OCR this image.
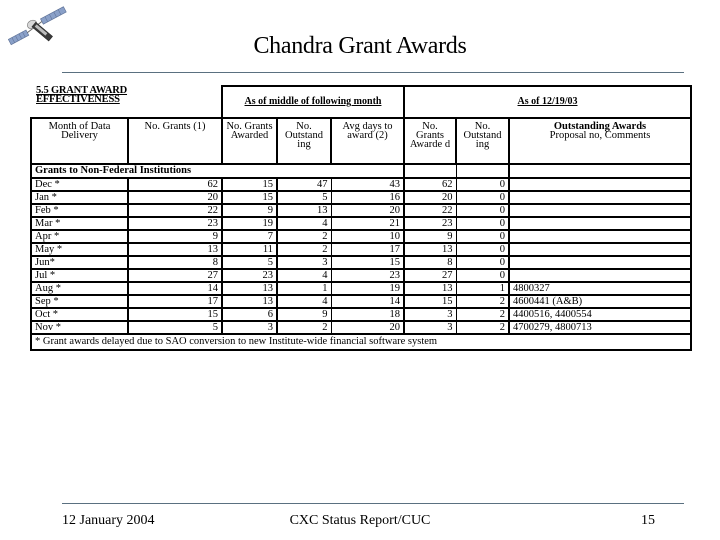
Chandra Grant Awards
5.5 GRANT AWARD
EFFECTIVENESS
		As of middle of following month			As of 12/19/03		
Month of Data Delivery	No. Grants (1)	No. Grants Awarded	No. Outstand ing	Avg days to award (2)	No. Grants Awarde d	No. Outstand ing	Outstanding Awards
Proposal no, Comments

Grants to Non-Federal Institutions							
Dec *	62	15	47	43	62	0	
Jan *	20	15	5	16	20	0	
Feb *	22	9	13	20	22	0	
Mar *	23	19	4	21	23	0	
Apr *	9	7	2	10	9	0	
May *	13	11	2	17	13	0	
Jun*	8	5	3	15	8	0	
Jul *	27	23	4	23	27	0	
Aug *	14	13	1	19	13	1	4800327
Sep *	17	13	4	14	15	2	4600441 (A&B)
Oct *	15	6	9	18	3	2	4400516, 4400554
Nov *	5	3	2	20	3	2	4700279, 4800713
* Grant awards delayed due to SAO conversion to new Institute-wide financial software system							
12 January 2004	CXC Status Report/CUC	15
